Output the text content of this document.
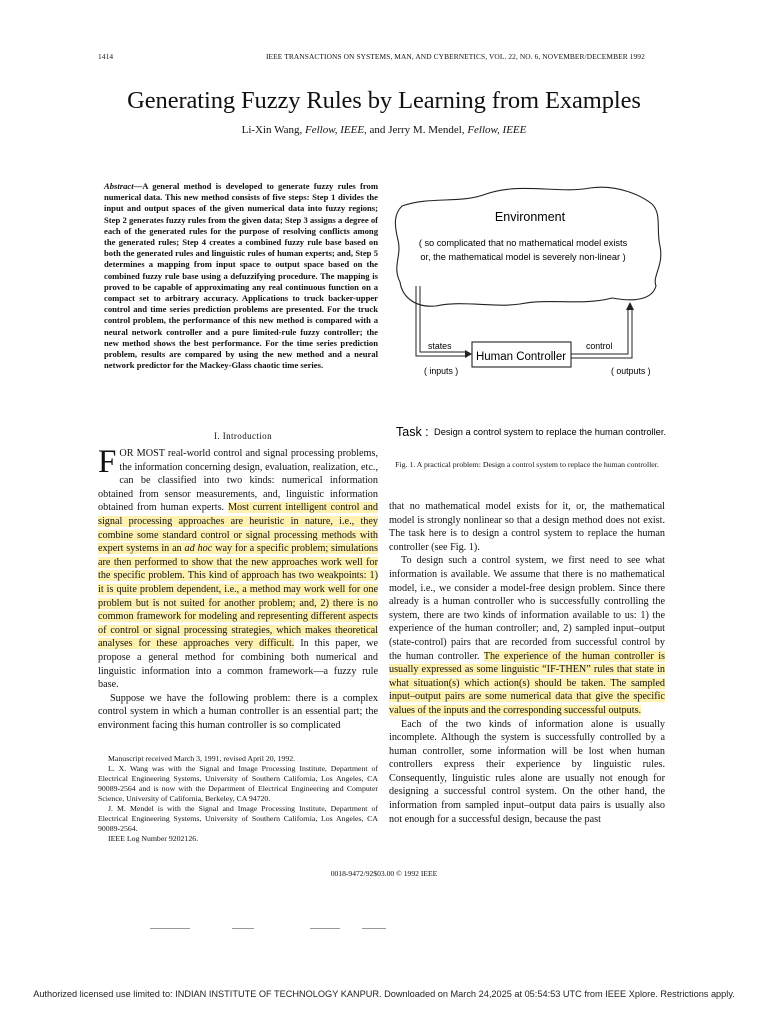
1414	IEEE TRANSACTIONS ON SYSTEMS, MAN, AND CYBERNETICS, VOL. 22, NO. 6, NOVEMBER/DECEMBER 1992
Generating Fuzzy Rules by Learning from Examples
Li-Xin Wang, Fellow, IEEE, and Jerry M. Mendel, Fellow, IEEE
Abstract—A general method is developed to generate fuzzy rules from numerical data. This new method consists of five steps: Step 1 divides the input and output spaces of the given numerical data into fuzzy regions; Step 2 generates fuzzy rules from the given data; Step 3 assigns a degree of each of the generated rules for the purpose of resolving conflicts among the generated rules; Step 4 creates a combined fuzzy rule base based on both the generated rules and linguistic rules of human experts; and, Step 5 determines a mapping from input space to output space based on the combined fuzzy rule base using a defuzzifying procedure. The mapping is proved to be capable of approximating any real continuous function on a compact set to arbitrary accuracy. Applications to truck backer-upper control and time series prediction problems are presented. For the truck control problem, the performance of this new method is compared with a neural network controller and a pure limited-rule fuzzy controller; the new method shows the best performance. For the time series prediction problem, results are compared by using the new method and a neural network predictor for the Mackey-Glass chaotic time series.
I. Introduction

FOR MOST real-world control and signal processing problems, the information concerning design, evaluation, realization, etc., can be classified into two kinds: numerical information obtained from sensor measurements, and, linguistic information obtained from human experts. Most current intelligent control and signal processing approaches are heuristic in nature, i.e., they combine some standard control or signal processing methods with expert systems in an ad hoc way for a specific problem; simulations are then performed to show that the new approaches work well for the specific problem. This kind of approach has two weakpoints: 1) it is quite problem dependent, i.e., a method may work well for one problem but is not suited for another problem; and, 2) there is no common framework for modeling and representing different aspects of control or signal processing strategies, which makes theoretical analyses for these approaches very difficult. In this paper, we propose a general method for combining both numerical and linguistic information into a common framework—a fuzzy rule base.

Suppose we have the following problem: there is a complex control system in which a human controller is an essential part; the environment facing this human controller is so complicated

Manuscript received March 3, 1991, revised April 20, 1992.

L. X. Wang was with the Signal and Image Processing Institute, Department of Electrical Engineering Systems, University of Southern California, Los Angeles, CA 90089-2564 and is now with the Department of Electrical Engineering and Computer Science, University of California, Berkeley, CA 94720.

J. M. Mendel is with the Signal and Image Processing Institute, Department of Electrical Engineering Systems, University of Southern California, Los Angeles, CA 90089-2564.

IEEE Log Number 9202126.

Environment
( so complicated that no mathematical model exists
or, the mathematical model is severely non-linear )
Human Controller
states
( inputs )
control
( outputs )
Task : Design a control system to replace the human controller.
Fig. 1. A practical problem: Design a control system to replace the human controller.

that no mathematical model exists for it, or, the mathematical model is strongly nonlinear so that a design method does not exist. The task here is to design a control system to replace the human controller (see Fig. 1).

To design such a control system, we first need to see what information is available. We assume that there is no mathematical model, i.e., we consider a model-free design problem. Since there already is a human controller who is successfully controlling the system, there are two kinds of information available to us: 1) the experience of the human controller; and, 2) sampled input–output (state-control) pairs that are recorded from successful control by the human controller. The experience of the human controller is usually expressed as some linguistic “IF-THEN” rules that state in what situation(s) which action(s) should be taken. The sampled input–output pairs are some numerical data that give the specific values of the inputs and the corresponding successful outputs.

Each of the two kinds of information alone is usually incomplete. Although the system is successfully controlled by a human controller, some information will be lost when human controllers express their experience by linguistic rules. Consequently, linguistic rules alone are usually not enough for designing a successful control system. On the other hand, the information from sampled input–output data pairs is usually also not enough for a successful design, because the past

0018-9472/92$03.00 © 1992 IEEE
Authorized licensed use limited to: INDIAN INSTITUTE OF TECHNOLOGY KANPUR. Downloaded on March 24,2025 at 05:54:53 UTC from IEEE Xplore. Restrictions apply.
